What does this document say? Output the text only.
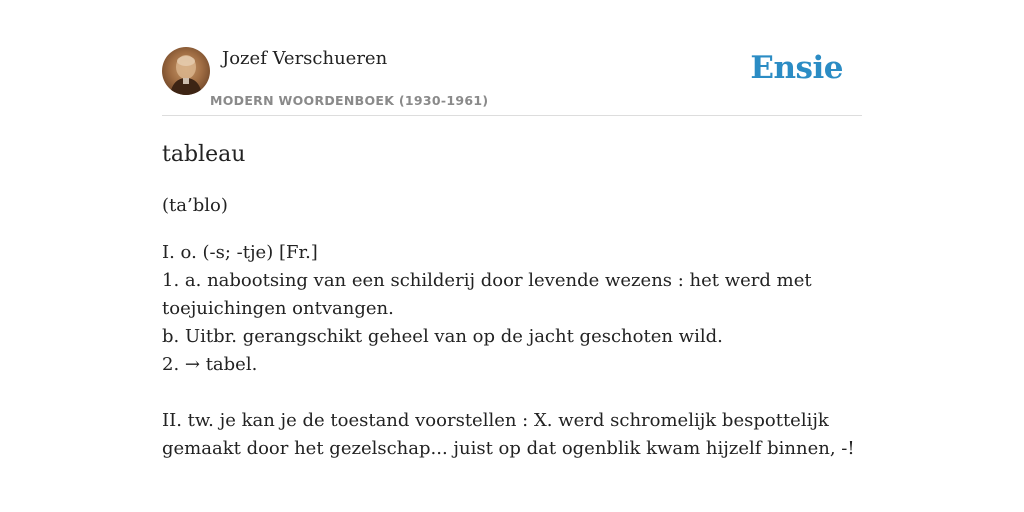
Jozef Verschueren
MODERN WOORDENBOEK (1930-1961)
Ensie
tableau
(ta’blo)
I. o. (-s; -tje) [Fr.]
1. a. nabootsing van een schilderij door levende wezens : het werd met
toejuichingen ontvangen.
b. Uitbr. gerangschikt geheel van op de jacht geschoten wild.
2. → tabel.
II. tw. je kan je de toestand voorstellen : X. werd schromelijk bespottelijk
gemaakt door het gezelschap... juist op dat ogenblik kwam hijzelf binnen, -!
